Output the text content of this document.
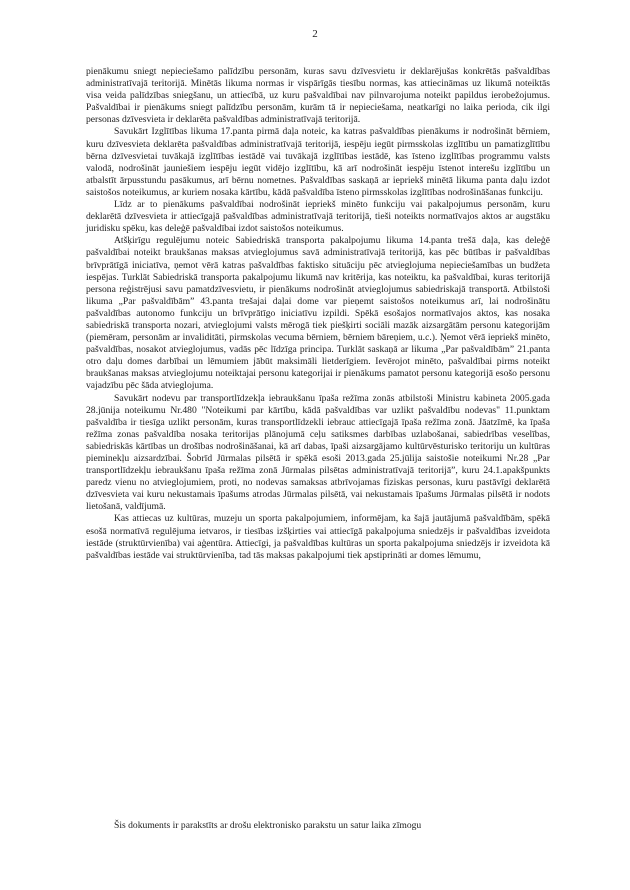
2

pienākumu sniegt nepieciešamo palīdzību personām, kuras savu dzīvesvietu ir deklarējušas konkrētās pašvaldības administratīvajā teritorijā. Minētās likuma normas ir vispārīgās tiesību normas, kas attiecināmas uz likumā noteiktās visa veida palīdzības sniegšanu, un attiecībā, uz kuru pašvaldībai nav pilnvarojuma noteikt papildus ierobežojumus. Pašvaldībai ir pienākums sniegt palīdzību personām, kurām tā ir nepieciešama, neatkarīgi no laika perioda, cik ilgi personas dzīvesvieta ir deklarēta pašvaldības administratīvajā teritorijā.

Savukārt Izglītības likuma 17.panta pirmā daļa noteic, ka katras pašvaldības pienākums ir nodrošināt bērniem, kuru dzīvesvieta deklarēta pašvaldības administratīvajā teritorijā, iespēju iegūt pirmsskolas izglītību un pamatizglītību bērna dzīvesvietai tuvākajā izglītības iestādē vai tuvākajā izglītības iestādē, kas īsteno izglītības programmu valsts valodā, nodrošināt jauniešiem iespēju iegūt vidējo izglītību, kā arī nodrošināt iespēju īstenot interešu izglītību un atbalstīt ārpusstundu pasākumus, arī bērnu nometnes. Pašvaldības saskaņā ar iepriekš minētā likuma panta daļu izdot saistošos noteikumus, ar kuriem nosaka kārtību, kādā pašvaldība īsteno pirmsskolas izglītības nodrošināšanas funkciju.

Līdz ar to pienākums pašvaldībai nodrošināt iepriekš minēto funkciju vai pakalpojumus personām, kuru deklarētā dzīvesvieta ir attiecīgajā pašvaldības administratīvajā teritorijā, tieši noteikts normatīvajos aktos ar augstāku juridisku spēku, kas deleģē pašvaldībai izdot saistošos noteikumus.

Atšķirīgu regulējumu noteic Sabiedriskā transporta pakalpojumu likuma 14.panta trešā daļa, kas deleģē pašvaldībai noteikt braukšanas maksas atvieglojumus savā administratīvajā teritorijā, kas pēc būtības ir pašvaldības brīvprātīgā iniciatīva, ņemot vērā katras pašvaldības faktisko situāciju pēc atvieglojuma nepieciešamības un budžeta iespējas. Turklāt Sabiedriskā transporta pakalpojumu likumā nav kritērija, kas noteiktu, ka pašvaldībai, kuras teritorijā persona reģistrējusi savu pamatdzīvesvietu, ir pienākums nodrošināt atvieglojumus sabiedriskajā transportā. Atbilstoši likuma „Par pašvaldībām” 43.panta trešajai daļai dome var pieņemt saistošos noteikumus arī, lai nodrošinātu pašvaldības autonomo funkciju un brīvprātīgo iniciatīvu izpildi. Spēkā esošajos normatīvajos aktos, kas nosaka sabiedriskā transporta nozari, atvieglojumi valsts mērogā tiek piešķirti sociāli mazāk aizsargātām personu kategorijām (piemēram, personām ar invaliditāti, pirmskolas vecuma bērniem, bērniem bāreņiem, u.c.). Ņemot vērā iepriekš minēto, pašvaldības, nosakot atvieglojumus, vadās pēc līdzīga principa. Turklāt saskaņā ar likuma „Par pašvaldībām” 21.panta otro daļu domes darbībai un lēmumiem jābūt maksimāli lietderīgiem. Ievērojot minēto, pašvaldībai pirms noteikt braukšanas maksas atvieglojumu noteiktajai personu kategorijai ir pienākums pamatot personu kategorijā esošo personu vajadzību pēc šāda atvieglojuma.

Savukārt nodevu par transportlīdzekļa iebraukšanu īpaša režīma zonās atbilstoši Ministru kabineta 2005.gada 28.jūnija noteikumu Nr.480 "Noteikumi par kārtību, kādā pašvaldības var uzlikt pašvaldību nodevas" 11.punktam pašvaldība ir tiesīga uzlikt personām, kuras transportlīdzekli iebrauc attiecīgajā īpaša režīma zonā. Jāatzīmē, ka īpaša režīma zonas pašvaldība nosaka teritorijas plānojumā ceļu satiksmes darbības uzlabošanai, sabiedrības veselības, sabiedriskās kārtības un drošības nodrošināšanai, kā arī dabas, īpaši aizsargājamo kultūrvēsturisko teritoriju un kultūras pieminekļu aizsardzībai. Šobrīd Jūrmalas pilsētā ir spēkā esoši 2013.gada 25.jūlija saistošie noteikumi Nr.28 „Par transportlīdzekļu iebraukšanu īpaša režīma zonā Jūrmalas pilsētas administratīvajā teritorijā”, kuru 24.1.apakšpunkts paredz vienu no atvieglojumiem, proti, no nodevas samaksas atbrīvojamas fiziskas personas, kuru pastāvīgi deklarētā dzīvesvieta vai kuru nekustamais īpašums atrodas Jūrmalas pilsētā, vai nekustamais īpašums Jūrmalas pilsētā ir nodots lietošanā, valdījumā.

Kas attiecas uz kultūras, muzeju un sporta pakalpojumiem, informējam, ka šajā jautājumā pašvaldībām, spēkā esošā normatīvā regulējuma ietvaros, ir tiesības izšķirties vai attiecīgā pakalpojuma sniedzējs ir pašvaldības izveidota iestāde (struktūrvienība) vai aģentūra. Attiecīgi, ja pašvaldības kultūras un sporta pakalpojuma sniedzējs ir izveidota kā pašvaldības iestāde vai struktūrvienība, tad tās maksas pakalpojumi tiek apstiprināti ar domes lēmumu,

Šis dokuments ir parakstīts ar drošu elektronisko parakstu un satur laika zīmogu
